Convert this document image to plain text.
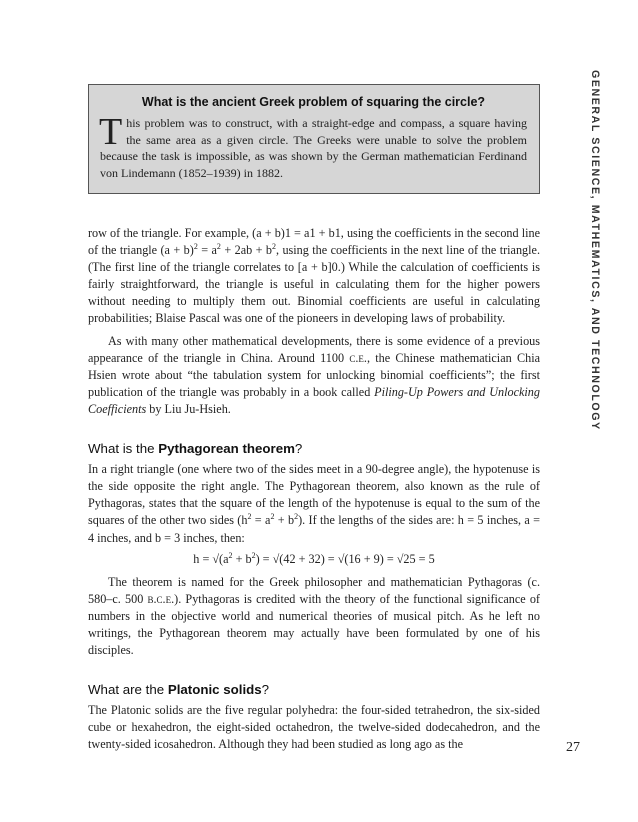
GENERAL SCIENCE, MATHEMATICS, AND TECHNOLOGY
What is the ancient Greek problem of squaring the circle?

This problem was to construct, with a straight-edge and compass, a square having the same area as a given circle. The Greeks were unable to solve the problem because the task is impossible, as was shown by the German mathematician Ferdinand von Lindemann (1852–1939) in 1882.

row of the triangle. For example, (a + b)1 = a1 + b1, using the coefficients in the second line of the triangle $(a + b)^2 = a^2 + 2ab + b^2$, using the coefficients in the next line of the triangle. (The first line of the triangle correlates to [a + b]0.) While the calculation of coefficients is fairly straightforward, the triangle is useful in calculating them for the higher powers without needing to multiply them out. Binomial coefficients are useful in calculating probabilities; Blaise Pascal was one of the pioneers in developing laws of probability.

As with many other mathematical developments, there is some evidence of a previous appearance of the triangle in China. Around 1100 c.e., the Chinese mathematician Chia Hsien wrote about “the tabulation system for unlocking binomial coefficients”; the first publication of the triangle was probably in a book called Piling-Up Powers and Unlocking Coefficients by Liu Ju-Hsieh.

What is the Pythagorean theorem?

In a right triangle (one where two of the sides meet in a 90-degree angle), the hypotenuse is the side opposite the right angle. The Pythagorean theorem, also known as the rule of Pythagoras, states that the square of the length of the hypotenuse is equal to the sum of the squares of the other two sides $(h^2 = a^2 + b^2)$. If the lengths of the sides are: h = 5 inches, a = 4 inches, and b = 3 inches, then:

$h = √(a^2 + b^2) = √(42 + 32) = √(16 + 9) = √25 = 5$

The theorem is named for the Greek philosopher and mathematician Pythagoras (c. 580–c. 500 b.c.e.). Pythagoras is credited with the theory of the functional significance of numbers in the objective world and numerical theories of musical pitch. As he left no writings, the Pythagorean theorem may actually have been formulated by one of his disciples.

What are the Platonic solids?

The Platonic solids are the five regular polyhedra: the four-sided tetrahedron, the six-sided cube or hexahedron, the eight-sided octahedron, the twelve-sided dodecahedron, and the twenty-sided icosahedron. Although they had been studied as long ago as the	27
